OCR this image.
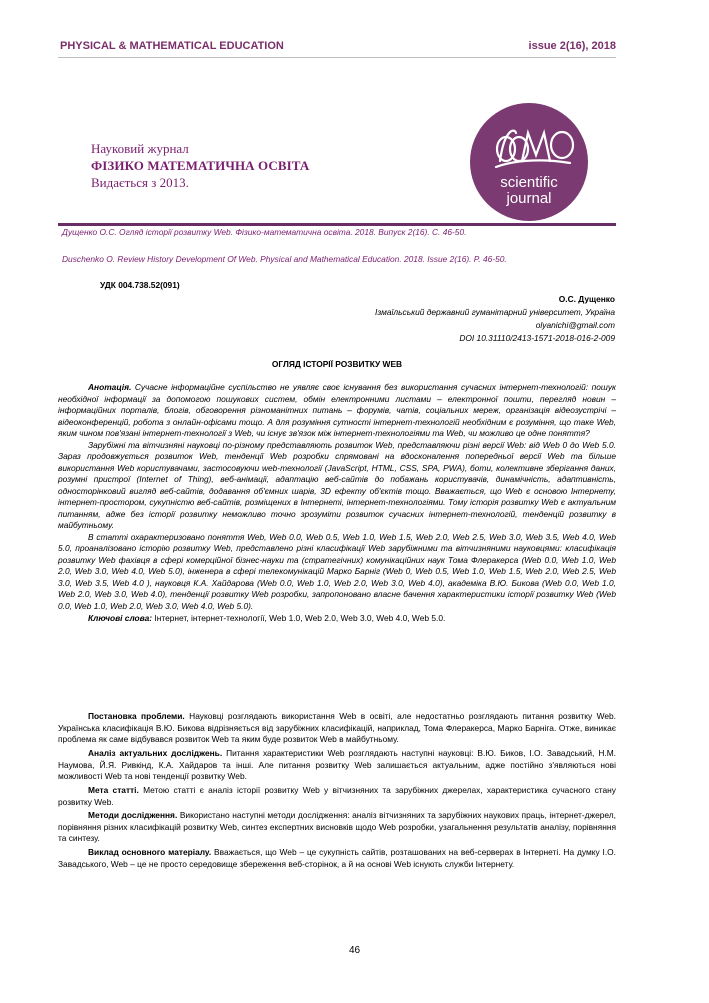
PHYSICAL & MATHEMATICAL EDUCATION	issue 2(16), 2018
Науковий журнал
ФІЗИКО МАТЕМАТИЧНА ОСВІТА
Видається з 2013.	scientific
journal
Дущенко О.С. Огляд історії розвитку Web. Фізико-математична освіта. 2018. Випуск 2(16). С. 46-50.
Duschenko O. Review History Development Of Web. Physical and Mathematical Education. 2018. Issue 2(16). P. 46-50.
УДК 004.738.52(091)
О.С. Дущенко
Ізмаїльський державний гуманітарний університет, Україна
olyanichi@gmail.com
DOI 10.31110/2413-1571-2018-016-2-009
ОГЛЯД ІСТОРІЇ РОЗВИТКУ WEB

Анотація. Сучасне інформаційне суспільство не уявляє своє існування без використання сучасних інтернет-технологій: пошук необхідної інформації за допомогою пошукових систем, обмін електронними листами – електронної пошти, перегляд новин – інформаційних порталів, блогів, обговорення різноманітних питань – форумів, чатів, соціальних мереж, організація відеозустрічі – відеоконференцій, робота з онлайн-офісами тощо. А для розуміння сутності інтернет-технологій необхідним є розуміння, що таке Web, яким чином пов'язані інтернет-технології з Web, чи існує зв'язок між інтернет-технологіями та Web, чи можливо це одне поняття?

Зарубіжні та вітчизняні науковці по-різному представляють розвиток Web, представляючи різні версії Web: від Web 0 до Web 5.0. Зараз продовжується розвиток Web, тенденції Web розробки спрямовані на вдосконалення попередньої версії Web та більше використання Web користувачами, застосовуючи web-технології (JavaScript, HTML, CSS, SPA, PWA), боти, колективне зберігання даних, розумні пристрої (Internet of Thing), веб-анімації, адаптацію веб-сайтів до побажань користувачів, динамічність, адаптивність, односторінковий вигляд веб-сайтів, додавання об'ємних шарів, 3D ефекту об'єктів тощо. Вважається, що Web є основою Інтернету, інтернет-простором, сукупністю веб-сайтів, розміщених в Інтернеті, інтернет-технологіями. Тому історія розвитку Web є актуальним питанням, адже без історії розвитку неможливо точно зрозуміти розвиток сучасних інтернет-технологій, тенденцій розвитку в майбутньому.

В статті охарактеризовано поняття Web, Web 0.0, Web 0.5, Web 1.0, Web 1.5, Web 2.0, Web 2.5, Web 3.0, Web 3.5, Web 4.0, Web 5.0, проаналізовано історію розвитку Web, представлено різні класифікації Web зарубіжними та вітчизняними науковцями: класифікація розвитку Web фахівця в сфері комерційної бізнес-науки та (стратегічних) комунікаційних наук Тома Флеракерса (Web 0.0, Web 1.0, Web 2.0, Web 3.0, Web 4.0, Web 5.0), інженера в сфері телекомунікацій Марко Барніг (Web 0, Web 0.5, Web 1.0, Web 1.5, Web 2.0, Web 2.5, Web 3.0, Web 3.5, Web 4.0 ), науковця К.А. Хайдарова (Web 0.0, Web 1.0, Web 2.0, Web 3.0, Web 4.0), академіка В.Ю. Бикова (Web 0.0, Web 1.0, Web 2.0, Web 3.0, Web 4.0), тенденції розвитку Web розробки, запропоновано власне бачення характеристики історії розвитку Web (Web 0.0, Web 1.0, Web 2.0, Web 3.0, Web 4.0, Web 5.0).

Ключові слова: Інтернет, інтернет-технології, Web 1.0, Web 2.0, Web 3.0, Web 4.0, Web 5.0.

Постановка проблеми. Науковці розглядають використання Web в освіті, але недостатньо розглядають питання розвитку Web. Українська класифікація В.Ю. Бикова відрізняється від зарубіжних класифікацій, наприклад, Тома Флеракерса, Марко Барніга. Отже, виникає проблема як саме відбувався розвиток Web та яким буде розвиток Web в майбутньому.

Аналіз актуальних досліджень. Питання характеристики Web розглядають наступні науковці: В.Ю. Биков, І.О. Завадський, Н.М. Наумова, Й.Я. Ривкінд, К.А. Хайдаров та інші. Але питання розвитку Web залишається актуальним, адже постійно з'являються нові можливості Web та нові тенденції розвитку Web.

Мета статті. Метою статті є аналіз історії розвитку Web у вітчизняних та зарубіжних джерелах, характеристика сучасного стану розвитку Web.

Методи дослідження. Використано наступні методи дослідження: аналіз вітчизняних та зарубіжних наукових праць, інтернет-джерел, порівняння різних класифікацій розвитку Web, синтез експертних висновків щодо Web розробки, узагальнення результатів аналізу, порівняння та синтезу.

Виклад основного матеріалу. Вважається, що Web – це сукупність сайтів, розташованих на веб-серверах в Інтернеті. На думку І.О. Завадського, Web – це не просто середовище збереження веб-сторінок, а й на основі Web існують служби Інтернету.

46
